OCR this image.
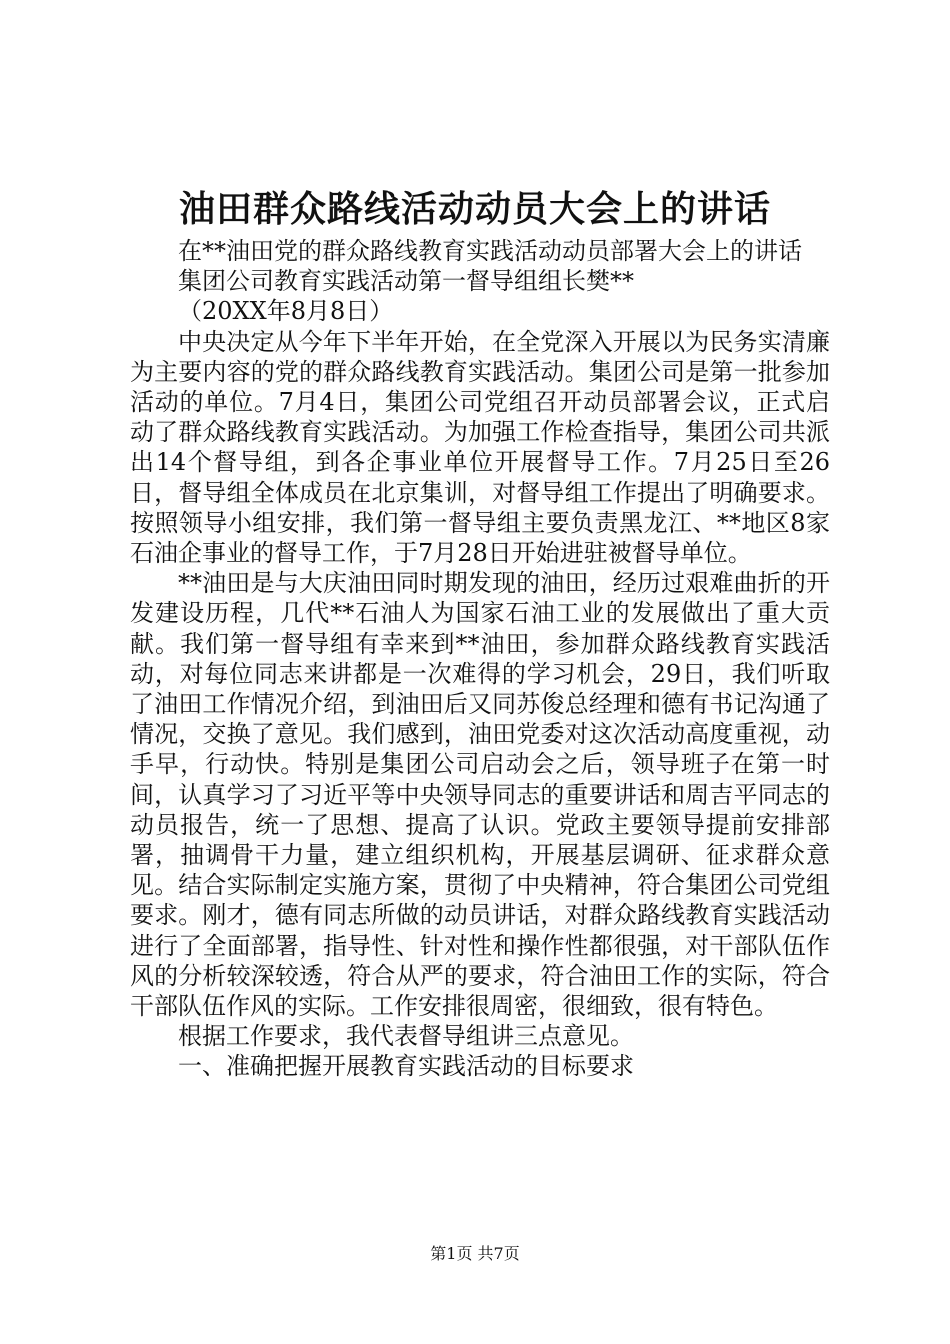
油田群众路线活动动员大会上的讲话

在**油田党的群众路线教育实践活动动员部署大会上的讲话

集团公司教育实践活动第一督导组组长樊**

（20XX年8月8日）

中央决定从今年下半年开始，在全党深入开展以为民务实清廉为主要内容的党的群众路线教育实践活动。集团公司是第一批参加活动的单位。7月4日，集团公司党组召开动员部署会议，正式启动了群众路线教育实践活动。为加强工作检查指导，集团公司共派出14个督导组，到各企事业单位开展督导工作。7月25日至26日，督导组全体成员在北京集训，对督导组工作提出了明确要求。按照领导小组安排，我们第一督导组主要负责黑龙江、**地区8家石油企事业的督导工作，于7月28日开始进驻被督导单位。

**油田是与大庆油田同时期发现的油田，经历过艰难曲折的开发建设历程，几代**石油人为国家石油工业的发展做出了重大贡献。我们第一督导组有幸来到**油田，参加群众路线教育实践活动，对每位同志来讲都是一次难得的学习机会，29日，我们听取了油田工作情况介绍，到油田后又同苏俊总经理和德有书记沟通了情况，交换了意见。我们感到，油田党委对这次活动高度重视，动手早，行动快。特别是集团公司启动会之后，领导班子在第一时间，认真学习了习近平等中央领导同志的重要讲话和周吉平同志的动员报告，统一了思想、提高了认识。党政主要领导提前安排部署，抽调骨干力量，建立组织机构，开展基层调研、征求群众意见。结合实际制定实施方案，贯彻了中央精神，符合集团公司党组要求。刚才，德有同志所做的动员讲话，对群众路线教育实践活动进行了全面部署，指导性、针对性和操作性都很强，对干部队伍作风的分析较深较透，符合从严的要求，符合油田工作的实际，符合干部队伍作风的实际。工作安排很周密，很细致，很有特色。

根据工作要求，我代表督导组讲三点意见。

一、准确把握开展教育实践活动的目标要求

第1页 共7页
